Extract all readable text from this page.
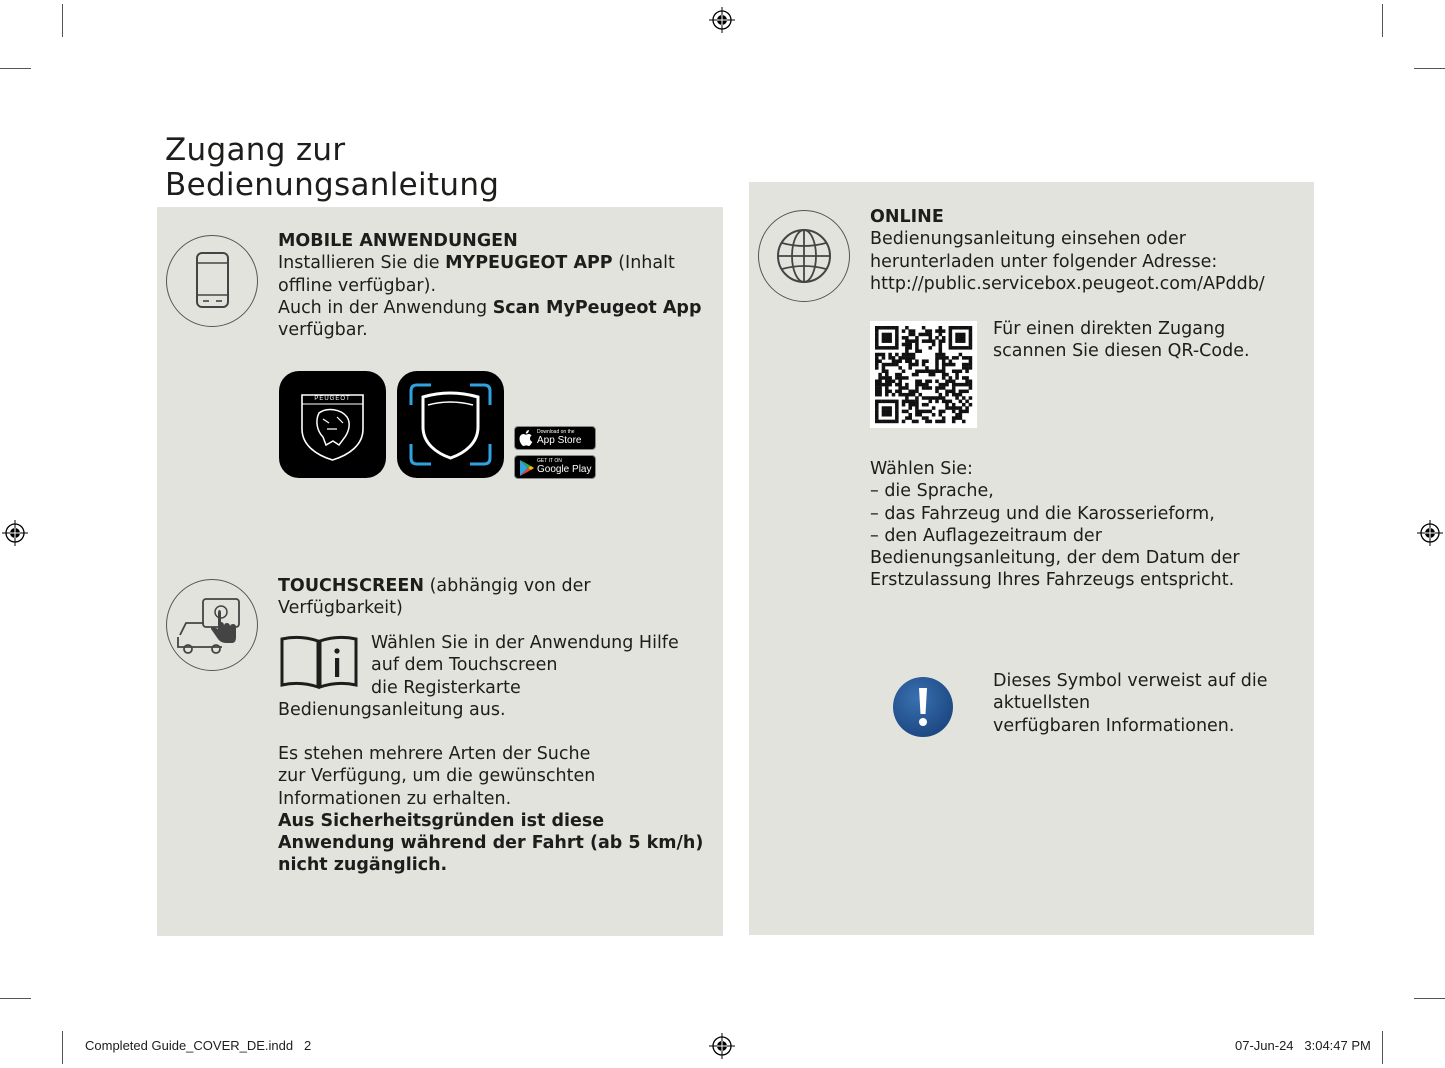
Zugang zur
Bedienungsanleitung
MOBILE ANWENDUNGEN
Installieren Sie die MYPEUGEOT APP (Inhalt offline verfügbar).
Auch in der Anwendung Scan MyPeugeot App verfügbar.
PEUGEOT
Download on the
App Store
GET IT ON
Google Play
TOUCHSCREEN (abhängig von der Verfügbarkeit)
Wählen Sie in der Anwendung Hilfe
auf dem Touchscreen
die Registerkarte
Bedienungsanleitung aus.
Es stehen mehrere Arten der Suche
zur Verfügung, um die gewünschten
Informationen zu erhalten.
Aus Sicherheitsgründen ist diese
Anwendung während der Fahrt (ab 5 km/h)
nicht zugänglich.
ONLINE
Bedienungsanleitung einsehen oder
herunterladen unter folgender Adresse:
http://public.servicebox.peugeot.com/APddb/
Für einen direkten Zugang
scannen Sie diesen QR-Code.
Wählen Sie:
– die Sprache,
– das Fahrzeug und die Karosserieform,
– den Auflagezeitraum der
Bedienungsanleitung, der dem Datum der
Erstzulassung Ihres Fahrzeugs entspricht.
Dieses Symbol verweist auf die
aktuellsten
verfügbaren Informationen.
Completed Guide_COVER_DE.indd   2	07-Jun-24   3:04:47 PM
